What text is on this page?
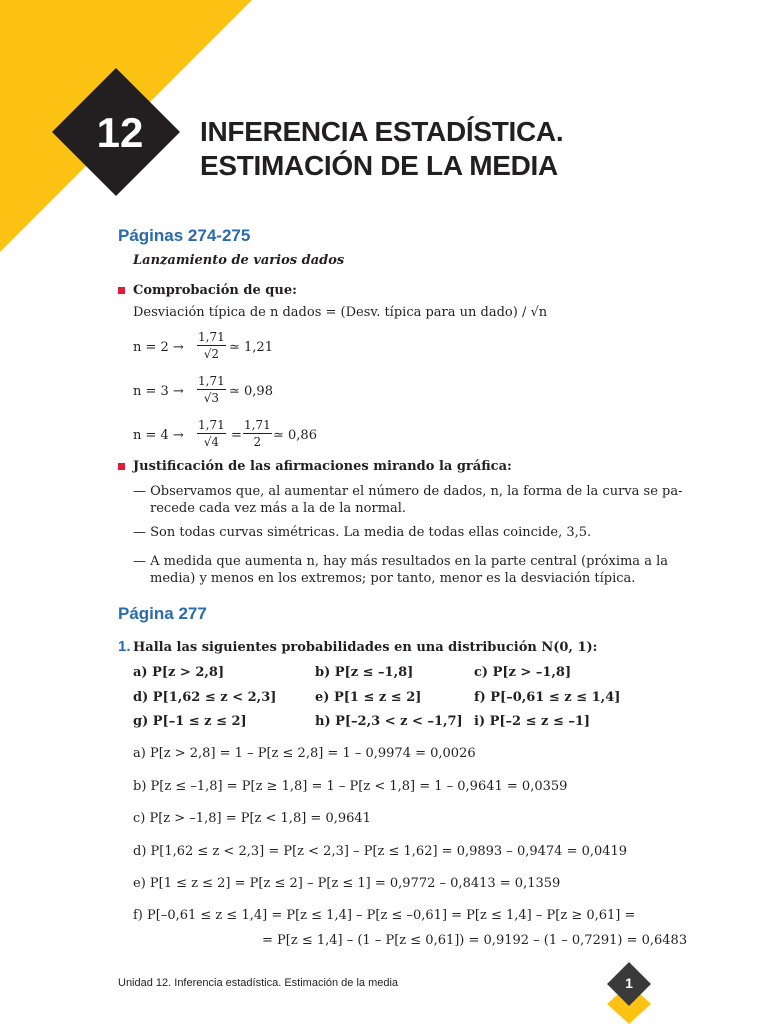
12 INFERENCIA ESTADÍSTICA.
ESTIMACIÓN DE LA MEDIA
Páginas 274-275
Lanzamiento de varios dados
Comprobación de que:
Desviación típica de n dados = (Desv. típica para un dado) / √n
$n = 2 \to \frac{1,71}{√2}$ ≃ 1,21
$n = 3 \to \frac{1,71}{√3}$ ≃ 0,98
$n = 4 \to \frac{1,71}{√4} = \frac{1,71}{2}$ ≃ 0,86
Justificación de las afirmaciones mirando la gráfica:
— Observamos que, al aumentar el número de dados, n, la forma de la curva se pa-
recede cada vez más a la de la normal.
— Son todas curvas simétricas. La media de todas ellas coincide, 3,5.
— A medida que aumenta n, hay más resultados en la parte central (próxima a la
media) y menos en los extremos; por tanto, menor es la desviación típica.
Página 277
1. Halla las siguientes probabilidades en una distribución N(0, 1):
a) P[z > 2,8]	b) P[z ≤ –1,8]	c) P[z > –1,8]
d) P[1,62 ≤ z < 2,3]	e) P[1 ≤ z ≤ 2]	f) P[–0,61 ≤ z ≤ 1,4]
g) P[–1 ≤ z ≤ 2]	h) P[–2,3 < z < –1,7] i) P[–2 ≤ z ≤ –1]
a) P[z > 2,8] = 1 – P[z ≤ 2,8] = 1 – 0,9974 = 0,0026
b) P[z ≤ –1,8] = P[z ≥ 1,8] = 1 – P[z < 1,8] = 1 – 0,9641 = 0,0359
c) P[z > –1,8] = P[z < 1,8] = 0,9641
d) P[1,62 ≤ z < 2,3] = P[z < 2,3] – P[z ≤ 1,62] = 0,9893 – 0,9474 = 0,0419
e) P[1 ≤ z ≤ 2] = P[z ≤ 2] – P[z ≤ 1] = 0,9772 – 0,8413 = 0,1359
f) P[–0,61 ≤ z ≤ 1,4] = P[z ≤ 1,4] – P[z ≤ –0,61] = P[z ≤ 1,4] – P[z ≥ 0,61] =
= P[z ≤ 1,4] – (1 – P[z ≤ 0,61]) = 0,9192 – (1 – 0,7291) = 0,6483
Unidad 12. Inferencia estadística. Estimación de la media	1
